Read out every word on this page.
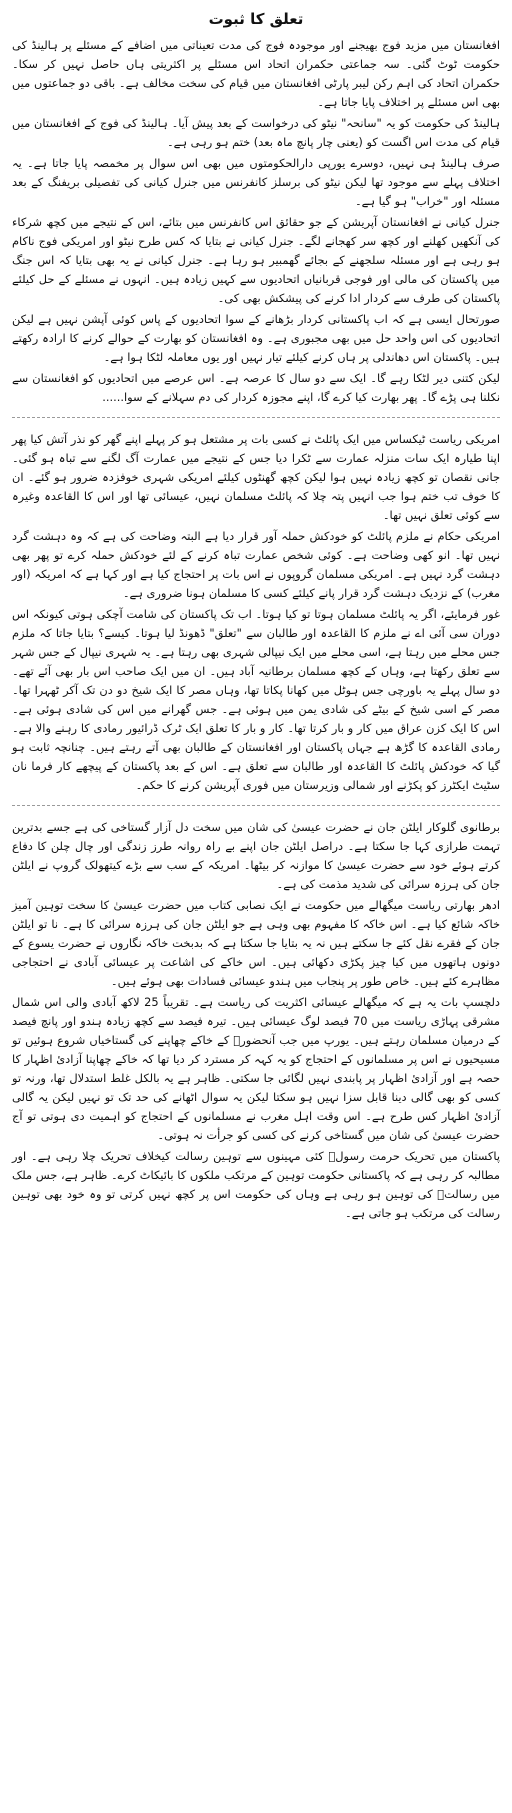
تعلق کا ثبوت

افغانستان میں مزید فوج بھیجنے اور موجودہ فوج کی مدت تعیناتی میں اضافے کے مسئلے پر ہالینڈ کی حکومت ٹوٹ گئی۔ سہ جماعتی حکمران اتحاد اس مسئلے پر اکثریتی ہاں حاصل نہیں کر سکا۔ حکمران اتحاد کی اہم رکن لیبر پارٹی افغانستان میں قیام کی سخت مخالف ہے۔ باقی دو جماعتوں میں بھی اس مسئلے پر اختلاف پایا جاتا ہے۔

ہالینڈ کی حکومت کو یہ "سانحہ" نیٹو کی درخواست کے بعد پیش آیا۔ ہالینڈ کی فوج کے افغانستان میں قیام کی مدت اس اگست کو (یعنی چار پانچ ماہ بعد) ختم ہو رہی ہے۔

صرف ہالینڈ ہی نہیں، دوسرے یورپی دارالحکومتوں میں بھی اس سوال پر مخمصہ پایا جاتا ہے۔ یہ اختلاف پہلے سے موجود تھا لیکن نیٹو کی برسلز کانفرنس میں جنرل کیانی کی تفصیلی بریفنگ کے بعد مسئلہ اور "خراب" ہو گیا ہے۔

جنرل کیانی نے افغانستان آپریشن کے جو حقائق اس کانفرنس میں بتائے، اس کے نتیجے میں کچھ شرکاء کی آنکھیں کھلنے اور کچھ سر کھجانے لگے۔ جنرل کیانی نے بتایا کہ کس طرح نیٹو اور امریکی فوج ناکام ہو رہی ہے اور مسئلہ سلجھنے کے بجائے گھمبیر ہو رہا ہے۔ جنرل کیانی نے یہ بھی بتایا کہ اس جنگ میں پاکستان کی مالی اور فوجی قربانیاں اتحادیوں سے کہیں زیادہ ہیں۔ انہوں نے مسئلے کے حل کیلئے پاکستان کی طرف سے کردار ادا کرنے کی پیشکش بھی کی۔

صورتحال ایسی ہے کہ اب پاکستانی کردار بڑھانے کے سوا اتحادیوں کے پاس کوئی آپشن نہیں ہے لیکن اتحادیوں کی اس واحد حل میں بھی مجبوری ہے۔ وہ افغانستان کو بھارت کے حوالے کرنے کا ارادہ رکھتے ہیں۔ پاکستان اس دھاندلی پر ہاں کرنے کیلئے تیار نہیں اور یوں معاملہ لٹکا ہوا ہے۔

لیکن کتنی دیر لٹکا رہے گا۔ ایک سے دو سال کا عرصہ ہے۔ اس عرصے میں اتحادیوں کو افغانستان سے نکلنا ہی پڑے گا۔ پھر بھارت کیا کرے گا، اپنے مجوزہ کردار کی دم سہلانے کے سوا......

امریکی ریاست ٹیکساس میں ایک پائلٹ نے کسی بات پر مشتعل ہو کر پہلے اپنے گھر کو نذر آتش کیا پھر اپنا طیارہ ایک سات منزلہ عمارت سے ٹکرا دیا جس کے نتیجے میں عمارت آگ لگنے سے تباہ ہو گئی۔ جانی نقصان تو کچھ زیادہ نہیں ہوا لیکن کچھ گھنٹوں کیلئے امریکی شہری خوفزدہ ضرور ہو گئے۔ ان کا خوف تب ختم ہوا جب انہیں پتہ چلا کہ پائلٹ مسلمان نہیں، عیسائی تھا اور اس کا القاعدہ وغیرہ سے کوئی تعلق نہیں تھا۔

امریکی حکام نے ملزم پائلٹ کو خودکش حملہ آور قرار دیا ہے البتہ وضاحت کی ہے کہ وہ دہشت گرد نہیں تھا۔ انو کھی وضاحت ہے۔ کوئی شخص عمارت تباہ کرنے کے لئے خودکش حملہ کرے تو پھر بھی دہشت گرد نہیں ہے۔ امریکی مسلمان گروپوں نے اس بات پر احتجاج کیا ہے اور کہا ہے کہ امریکہ (اور مغرب) کے نزدیک دہشت گرد قرار پانے کیلئے کسی کا مسلمان ہونا ضروری ہے۔

غور فرمایئے، اگر یہ پائلٹ مسلمان ہوتا تو کیا ہوتا۔ اب تک پاکستان کی شامت آچکی ہوتی کیونکہ اس دوران سی آئی اے نے ملزم کا القاعدہ اور طالبان سے "تعلق" ڈھونڈ لیا ہوتا۔ کیسے؟ بتایا جاتا کہ ملزم جس محلے میں رہتا ہے، اسی محلے میں ایک نیپالی شہری بھی رہتا ہے۔ یہ شہری نیپال کے جس شہر سے تعلق رکھتا ہے، وہاں کے کچھ مسلمان برطانیہ آباد ہیں۔ ان میں ایک صاحب اس بار بھی آئے تھے۔ دو سال پہلے یہ باورچی جس ہوٹل میں کھانا پکاتا تھا، وہاں مصر کا ایک شیخ دو دن تک آکر ٹھہرا تھا۔ مصر کے اسی شیخ کے بیٹے کی شادی یمن میں ہوئی ہے۔ جس گھرانے میں اس کی شادی ہوئی ہے۔ اس کا ایک کزن عراق میں کار و بار کرتا تھا۔ کار و بار کا تعلق ایک ٹرک ڈرائیور رمادی کا رہنے والا ہے۔ رمادی القاعدہ کا گڑھ ہے جہاں پاکستان اور افغانستان کے طالبان بھی آتے رہتے ہیں۔ چنانچہ ثابت ہو گیا کہ خودکش پائلٹ کا القاعدہ اور طالبان سے تعلق ہے۔ اس کے بعد پاکستان کے پیچھے کار فرما نان سٹیٹ ایکٹرز کو پکڑنے اور شمالی وزیرستان میں فوری آپریشن کرنے کا حکم۔

برطانوی گلوکار ایلٹن جان نے حضرت عیسیٰ کی شان میں سخت دل آزار گستاخی کی ہے جسے بدترین تہمت طرازی کہا جا سکتا ہے۔ دراصل ایلٹن جان اپنے بے راہ روانہ طرز زندگی اور چال چلن کا دفاع کرتے ہوئے خود سے حضرت عیسیٰ کا موازنہ کر بیٹھا۔ امریکہ کے سب سے بڑے کیتھولک گروپ نے ایلٹن جان کی ہرزہ سرائی کی شدید مذمت کی ہے۔

ادھر بھارتی ریاست میگھالے میں حکومت نے ایک نصابی کتاب میں حضرت عیسیٰ کا سخت توہین آمیز خاکہ شائع کیا ہے۔ اس خاکہ کا مفہوم بھی وہی ہے جو ایلٹن جان کی ہرزہ سرائی کا ہے۔ نا تو ایلٹن جان کے فقرے نقل کئے جا سکتے ہیں نہ یہ بتایا جا سکتا ہے کہ بدبخت خاکہ نگاروں نے حضرت یسوع کے دونوں ہاتھوں میں کیا چیز پکڑی دکھائی ہیں۔ اس خاکے کی اشاعت پر عیسائی آبادی نے احتجاجی مظاہرے کئے ہیں۔ خاص طور پر پنجاب میں ہندو عیسائی فسادات بھی ہوئے ہیں۔

دلچسپ بات یہ ہے کہ میگھالے عیسائی اکثریت کی ریاست ہے۔ تقریباً 25 لاکھ آبادی والی اس شمال مشرقی پہاڑی ریاست میں 70 فیصد لوگ عیسائی ہیں۔ تیرہ فیصد سے کچھ زیادہ ہندو اور پانچ فیصد کے درمیان مسلمان رہتے ہیں۔ یورپ میں جب آنحضورؐ کے خاکے چھاپنے کی گستاخیاں شروع ہوئیں تو مسیحیوں نے اس پر مسلمانوں کے احتجاج کو یہ کہہ کر مسترد کر دیا تھا کہ خاکے چھاپنا آزادئ اظہار کا حصہ ہے اور آزادئ اظہار پر پابندی نہیں لگائی جا سکتی۔ ظاہر ہے یہ بالکل غلط استدلال تھا، ورنہ تو کسی کو بھی گالی دینا قابل سزا نہیں ہو سکتا لیکن یہ سوال اٹھانے کی حد تک تو نہیں لیکن یہ گالی آزادئ اظہار کس طرح ہے۔ اس وقت اہل مغرب نے مسلمانوں کے احتجاج کو اہمیت دی ہوتی تو آج حضرت عیسیٰ کی شان میں گستاخی کرنے کی کسی کو جرأت نہ ہوتی۔

پاکستان میں تحریک حرمت رسولؐ کئی مہینوں سے توہین رسالت کیخلاف تحریک چلا رہی ہے۔ اور مطالبہ کر رہی ہے کہ پاکستانی حکومت توہین کے مرتکب ملکوں کا بائیکاٹ کرے۔ ظاہر ہے، جس ملک میں رسالتؐ کی توہین ہو رہی ہے وہاں کی حکومت اس پر کچھ نہیں کرتی تو وہ خود بھی توہین رسالت کی مرتکب ہو جاتی ہے۔
